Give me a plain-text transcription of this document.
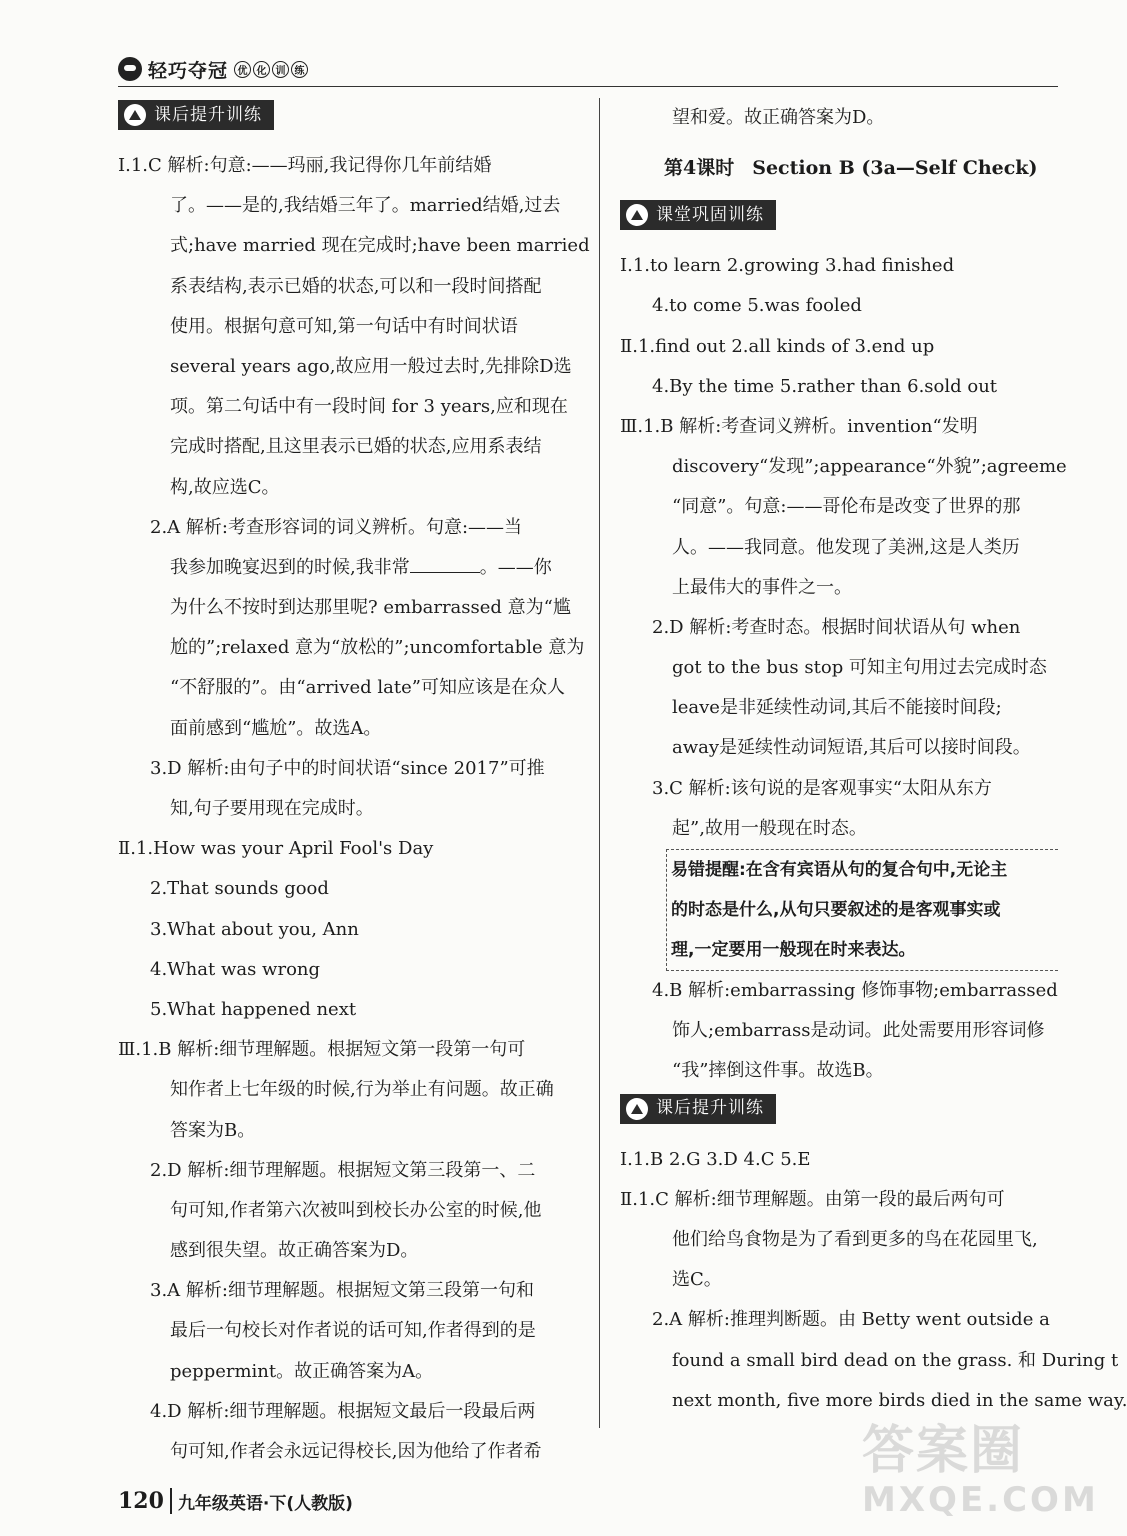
轻巧夺冠 优 化 训 练
课后提升训练
Ⅰ.1.C 解析:句意:——玛丽,我记得你几年前结婚
了。——是的,我结婚三年了。married结婚,过去
式;have married 现在完成时;have been married
系表结构,表示已婚的状态,可以和一段时间搭配
使用。根据句意可知,第一句话中有时间状语
several years ago,故应用一般过去时,先排除D选
项。第二句话中有一段时间 for 3 years,应和现在
完成时搭配,且这里表示已婚的状态,应用系表结
构,故应选C。
2.A 解析:考查形容词的词义辨析。句意:——当
我参加晚宴迟到的时候,我非常	。——你
为什么不按时到达那里呢? embarrassed 意为“尴
尬的”;relaxed 意为“放松的”;uncomfortable 意为
“不舒服的”。由“arrived late”可知应该是在众人
面前感到“尴尬”。故选A。
3.D 解析:由句子中的时间状语“since 2017”可推
知,句子要用现在完成时。
Ⅱ.1.How was your April Fool's Day
2.That sounds good
3.What about you, Ann
4.What was wrong
5.What happened next
Ⅲ.1.B 解析:细节理解题。根据短文第一段第一句可
知作者上七年级的时候,行为举止有问题。故正确
答案为B。
2.D 解析:细节理解题。根据短文第三段第一、二
句可知,作者第六次被叫到校长办公室的时候,他
感到很失望。故正确答案为D。
3.A 解析:细节理解题。根据短文第三段第一句和
最后一句校长对作者说的话可知,作者得到的是
peppermint。故正确答案为A。
4.D 解析:细节理解题。根据短文最后一段最后两
句可知,作者会永远记得校长,因为他给了作者希
望和爱。故正确答案为D。
第4课时 Section B (3a—Self Check)
课堂巩固训练
Ⅰ.1.to learn 2.growing 3.had finished
4.to come 5.was fooled
Ⅱ.1.find out 2.all kinds of 3.end up
4.By the time 5.rather than 6.sold out
Ⅲ.1.B 解析:考查词义辨析。invention“发明
discovery“发现”;appearance“外貌”;agreeme
“同意”。句意:——哥伦布是改变了世界的那
人。——我同意。他发现了美洲,这是人类历
上最伟大的事件之一。
2.D 解析:考查时态。根据时间状语从句 when
got to the bus stop 可知主句用过去完成时态
leave是非延续性动词,其后不能接时间段;
away是延续性动词短语,其后可以接时间段。
3.C 解析:该句说的是客观事实“太阳从东方
起”,故用一般现在时态。
易错提醒:在含有宾语从句的复合句中,无论主
的时态是什么,从句只要叙述的是客观事实或
理,一定要用一般现在时来表达。
4.B 解析:embarrassing 修饰事物;embarrassed
饰人;embarrass是动词。此处需要用形容词修
“我”摔倒这件事。故选B。
课后提升训练
Ⅰ.1.B 2.G 3.D 4.C 5.E
Ⅱ.1.C 解析:细节理解题。由第一段的最后两句可
他们给鸟食物是为了看到更多的鸟在花园里飞,
选C。
2.A 解析:推理判断题。由 Betty went outside a
found a small bird dead on the grass. 和 During t
next month, five more birds died in the same way.
120 九年级英语·下(人教版)
答案圈
MXQE.COM
